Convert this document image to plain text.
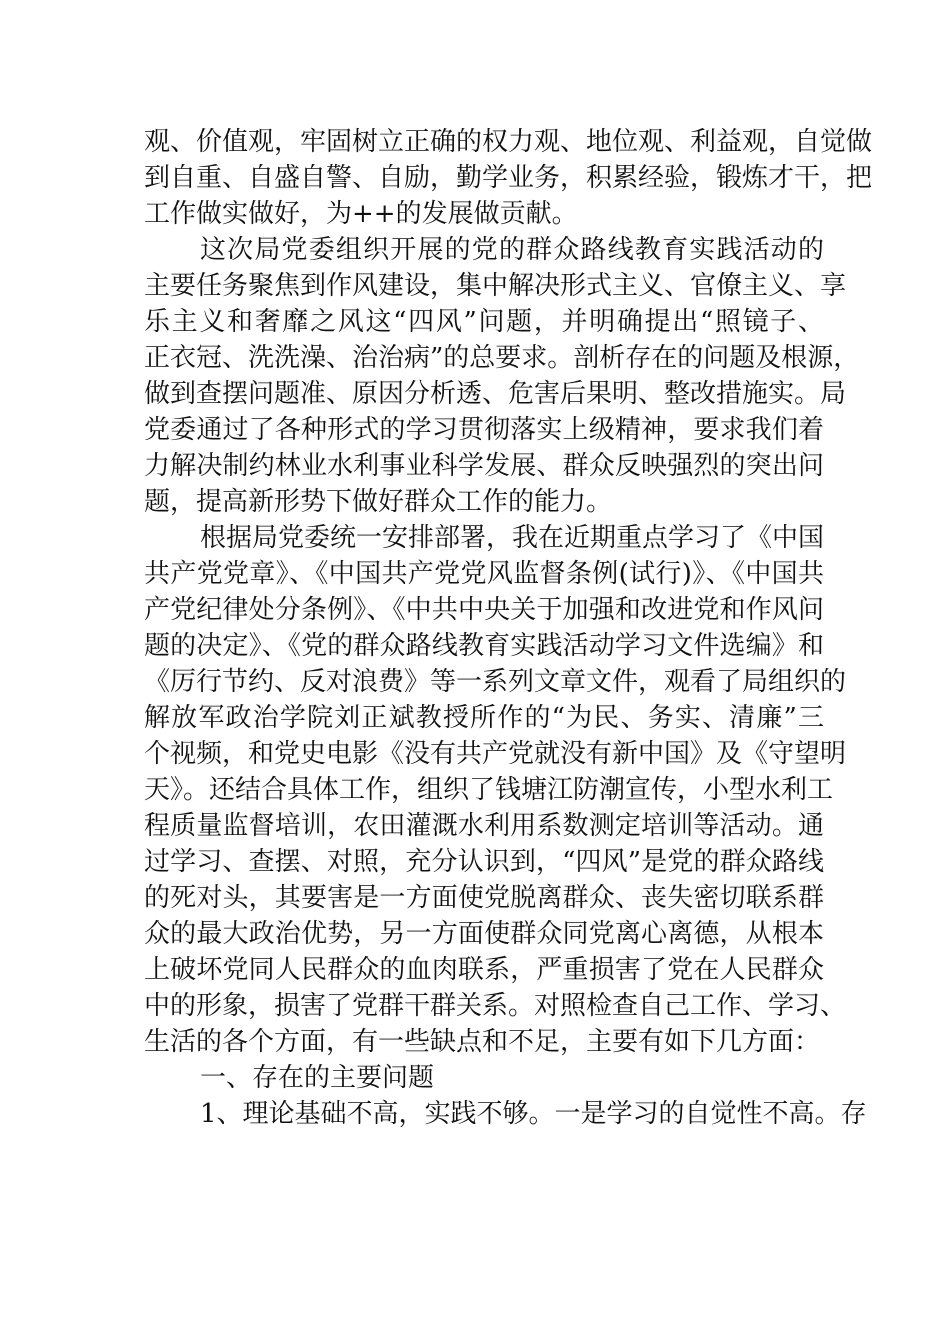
观、价值观，牢固树立正确的权力观、地位观、利益观，自觉做
到自重、自盛自警、自励，勤学业务，积累经验，锻炼才干，把
工作做实做好，为++的发展做贡献。
这次局党委组织开展的党的群众路线教育实践活动的
主要任务聚焦到作风建设，集中解决形式主义、官僚主义、享
乐主义和奢靡之风这“四风”问题，并明确提出“照镜子、
正衣冠、洗洗澡、治治病”的总要求。剖析存在的问题及根源，
做到查摆问题准、原因分析透、危害后果明、整改措施实。局
党委通过了各种形式的学习贯彻落实上级精神，要求我们着
力解决制约林业水利事业科学发展、群众反映强烈的突出问
题，提高新形势下做好群众工作的能力。
根据局党委统一安排部署，我在近期重点学习了《中国
共产党党章》、《中国共产党党风监督条例(试行)》、《中国共
产党纪律处分条例》、《中共中央关于加强和改进党和作风问
题的决定》、《党的群众路线教育实践活动学习文件选编》和
《厉行节约、反对浪费》等一系列文章文件，观看了局组织的
解放军政治学院刘正斌教授所作的“为民、务实、清廉”三
个视频，和党史电影《没有共产党就没有新中国》及《守望明
天》。还结合具体工作，组织了钱塘江防潮宣传，小型水利工
程质量监督培训，农田灌溉水利用系数测定培训等活动。通
过学习、查摆、对照，充分认识到，“四风”是党的群众路线
的死对头，其要害是一方面使党脱离群众、丧失密切联系群
众的最大政治优势，另一方面使群众同党离心离德，从根本
上破坏党同人民群众的血肉联系，严重损害了党在人民群众
中的形象，损害了党群干群关系。对照检查自己工作、学习、
生活的各个方面，有一些缺点和不足，主要有如下几方面：
一、存在的主要问题
1、理论基础不高，实践不够。一是学习的自觉性不高。存
